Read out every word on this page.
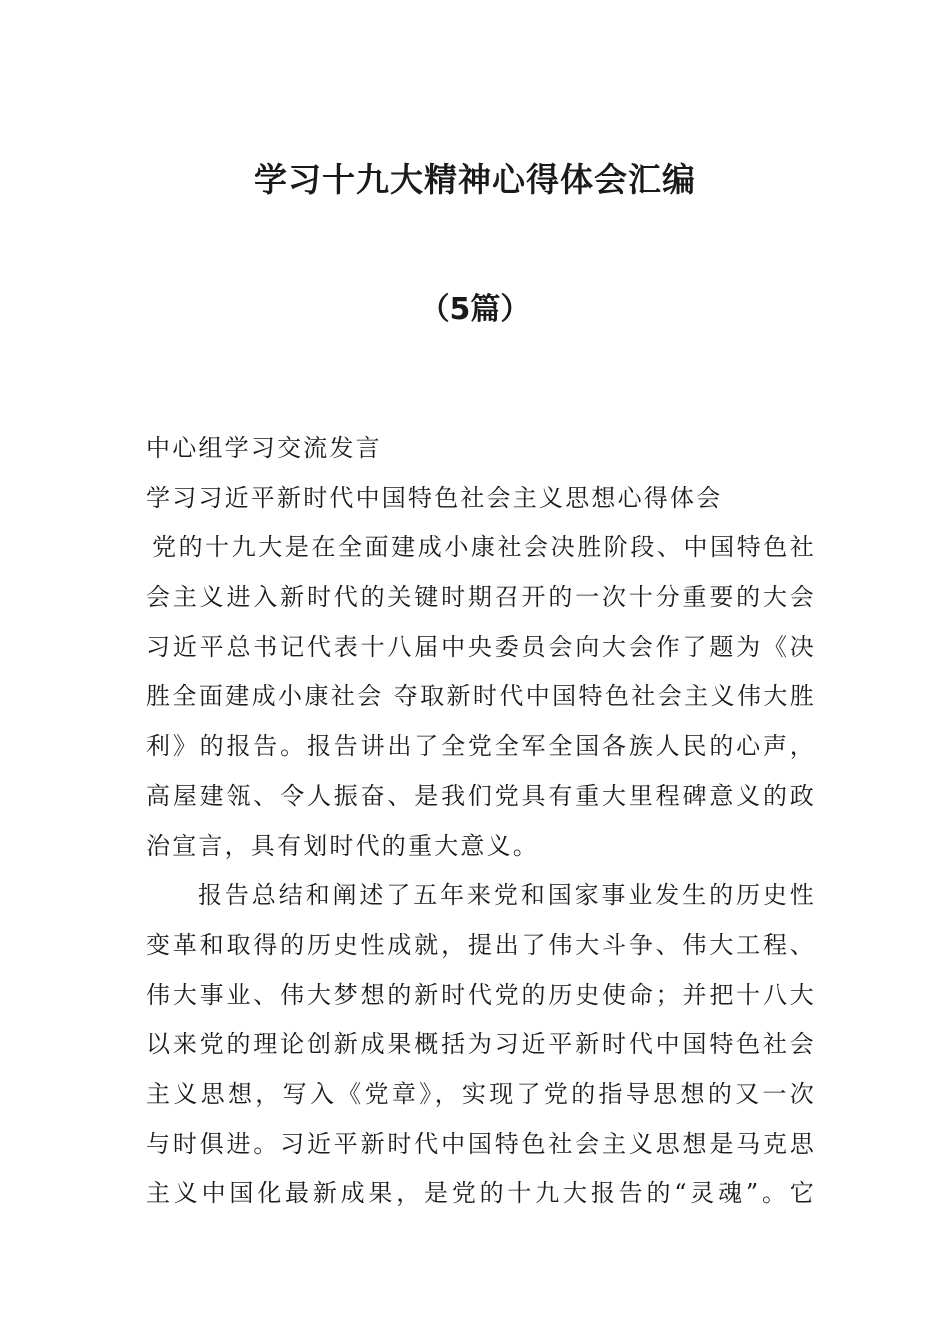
学习十九大精神心得体会汇编
（5篇）

中心组学习交流发言

学习习近平新时代中国特色社会主义思想心得体会

党的十九大是在全面建成小康社会决胜阶段、中国特色社

会主义进入新时代的关键时期召开的一次十分重要的大会

习近平总书记代表十八届中央委员会向大会作了题为《决

胜全面建成小康社会 夺取新时代中国特色社会主义伟大胜

利》的报告。报告讲出了全党全军全国各族人民的心声，

高屋建瓴、令人振奋、是我们党具有重大里程碑意义的政

治宣言，具有划时代的重大意义。

报告总结和阐述了五年来党和国家事业发生的历史性

变革和取得的历史性成就，提出了伟大斗争、伟大工程、

伟大事业、伟大梦想的新时代党的历史使命；并把十八大

以来党的理论创新成果概括为习近平新时代中国特色社会

主义思想，写入《党章》，实现了党的指导思想的又一次

与时俱进。习近平新时代中国特色社会主义思想是马克思

主义中国化最新成果，是党的十九大报告的“灵魂”。它
